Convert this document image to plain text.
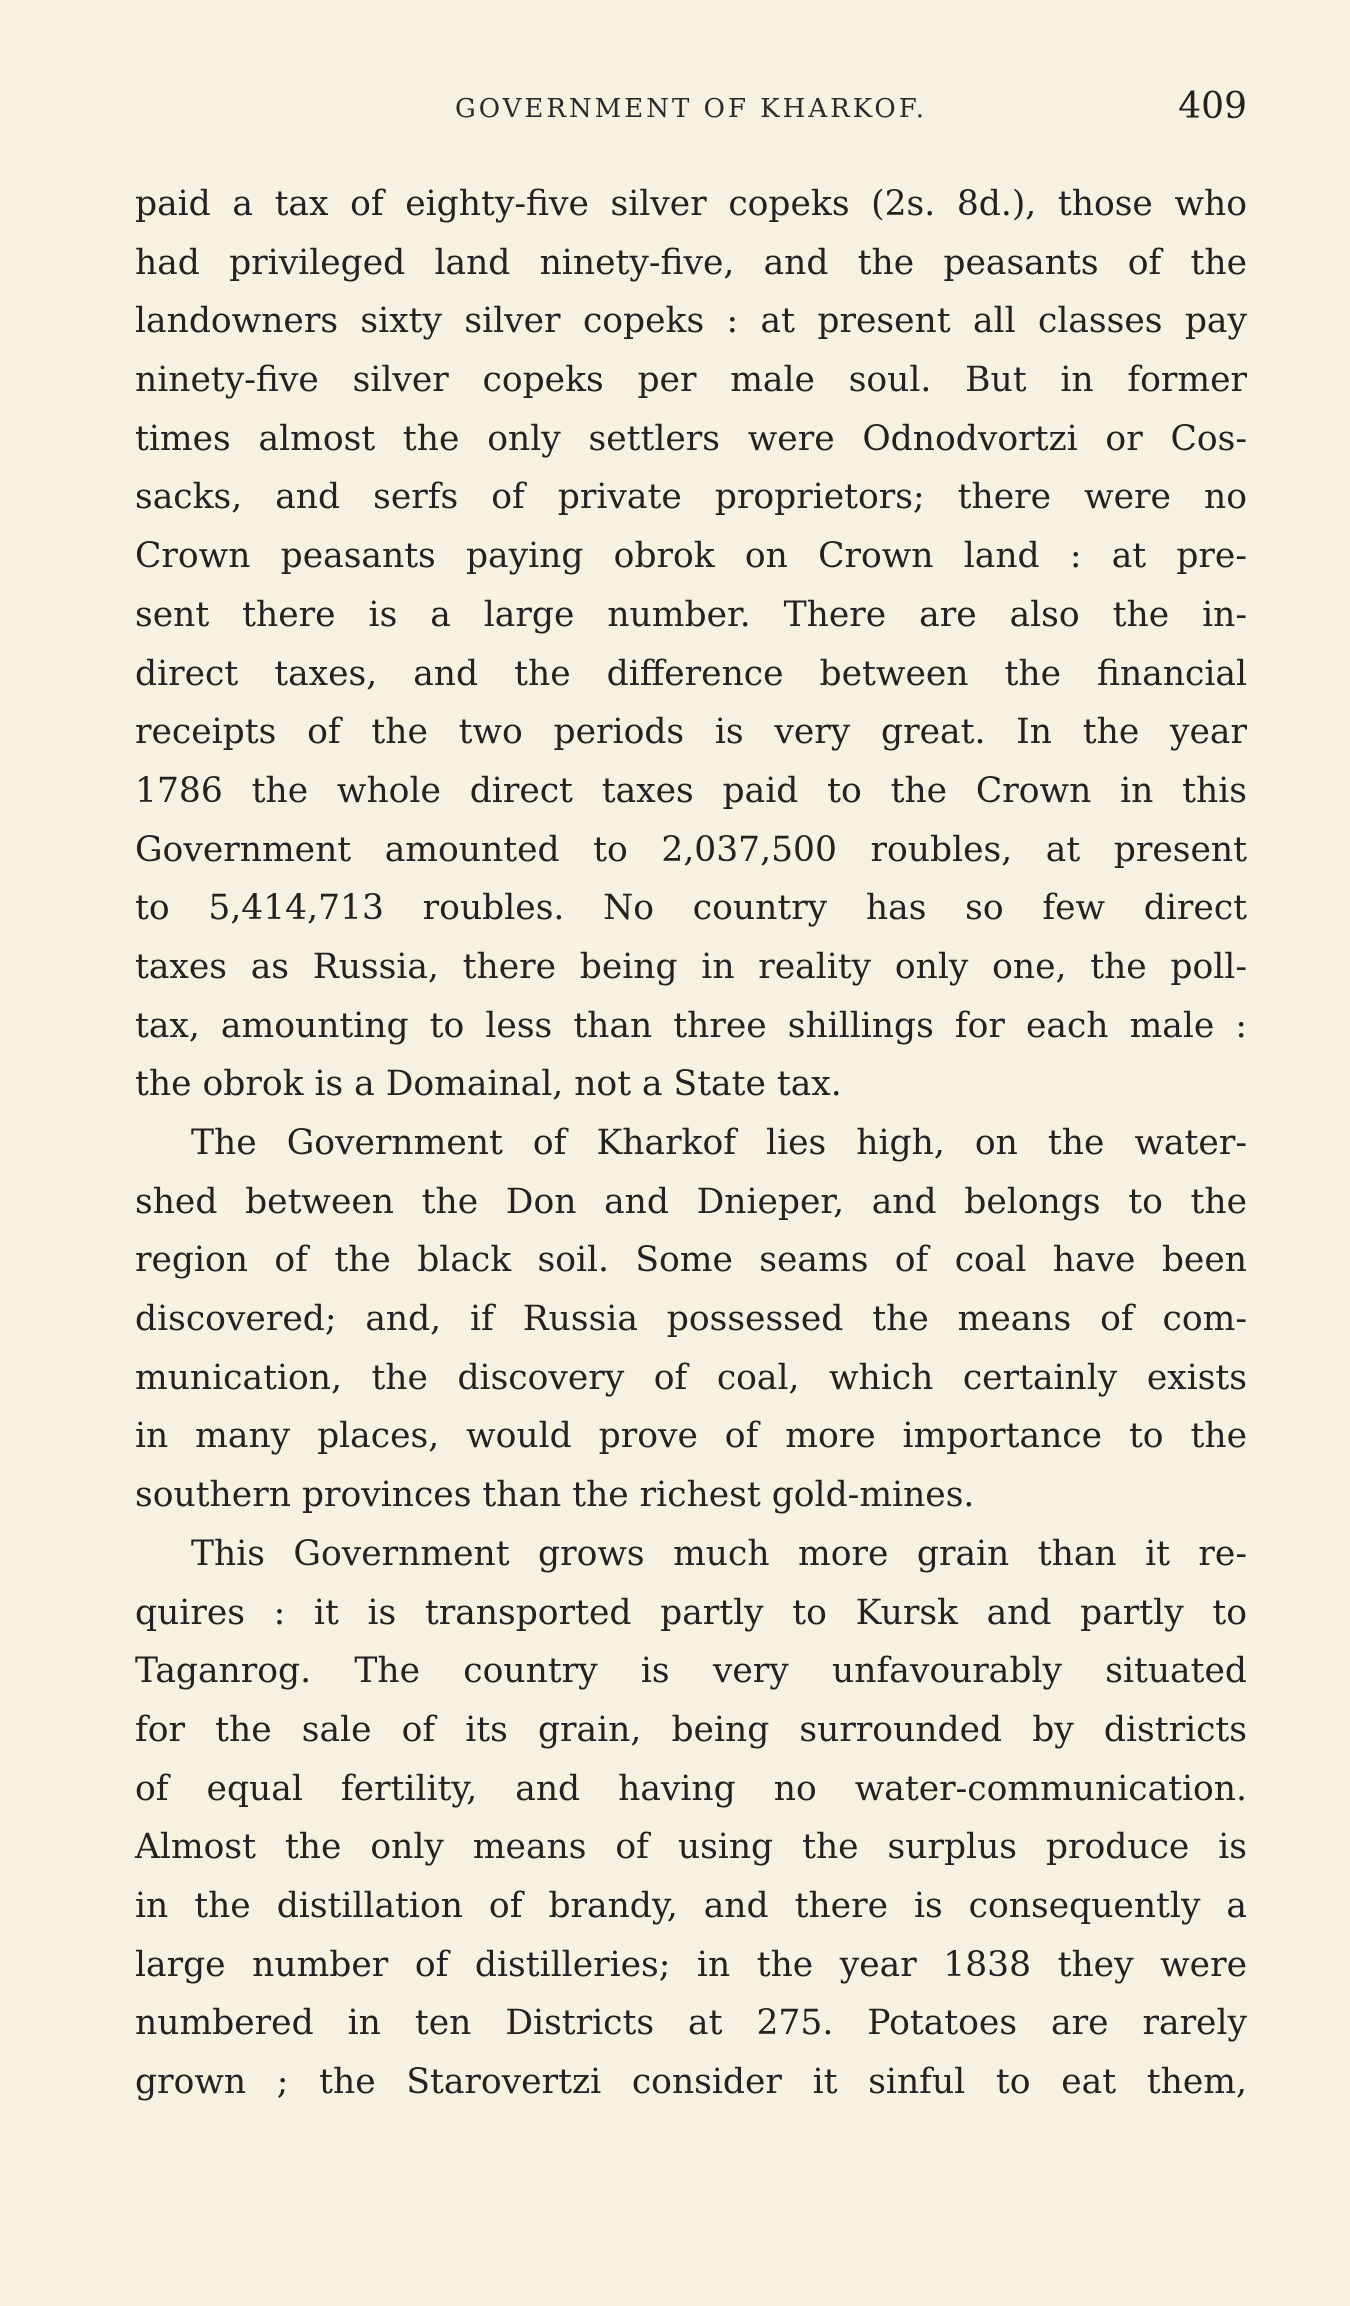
GOVERNMENT OF KHARKOF.	409
paid a tax of eighty-five silver copeks (2s. 8d.), those who
had privileged land ninety-five, and the peasants of the
landowners sixty silver copeks : at present all classes pay
ninety-five silver copeks per male soul. But in former
times almost the only settlers were Odnodvortzi or Cos-
sacks, and serfs of private proprietors; there were no
Crown peasants paying obrok on Crown land : at pre-
sent there is a large number. There are also the in-
direct taxes, and the difference between the financial
receipts of the two periods is very great. In the year
1786 the whole direct taxes paid to the Crown in this
Government amounted to 2,037,500 roubles, at present
to 5,414,713 roubles. No country has so few direct
taxes as Russia, there being in reality only one, the poll-
tax, amounting to less than three shillings for each male :
the obrok is a Domainal, not a State tax.
The Government of Kharkof lies high, on the water-
shed between the Don and Dnieper, and belongs to the
region of the black soil. Some seams of coal have been
discovered; and, if Russia possessed the means of com-
munication, the discovery of coal, which certainly exists
in many places, would prove of more importance to the
southern provinces than the richest gold-mines.
This Government grows much more grain than it re-
quires : it is transported partly to Kursk and partly to
Taganrog. The country is very unfavourably situated
for the sale of its grain, being surrounded by districts
of equal fertility, and having no water-communication.
Almost the only means of using the surplus produce is
in the distillation of brandy, and there is consequently a
large number of distilleries; in the year 1838 they were
numbered in ten Districts at 275. Potatoes are rarely
grown ; the Starovertzi consider it sinful to eat them,
